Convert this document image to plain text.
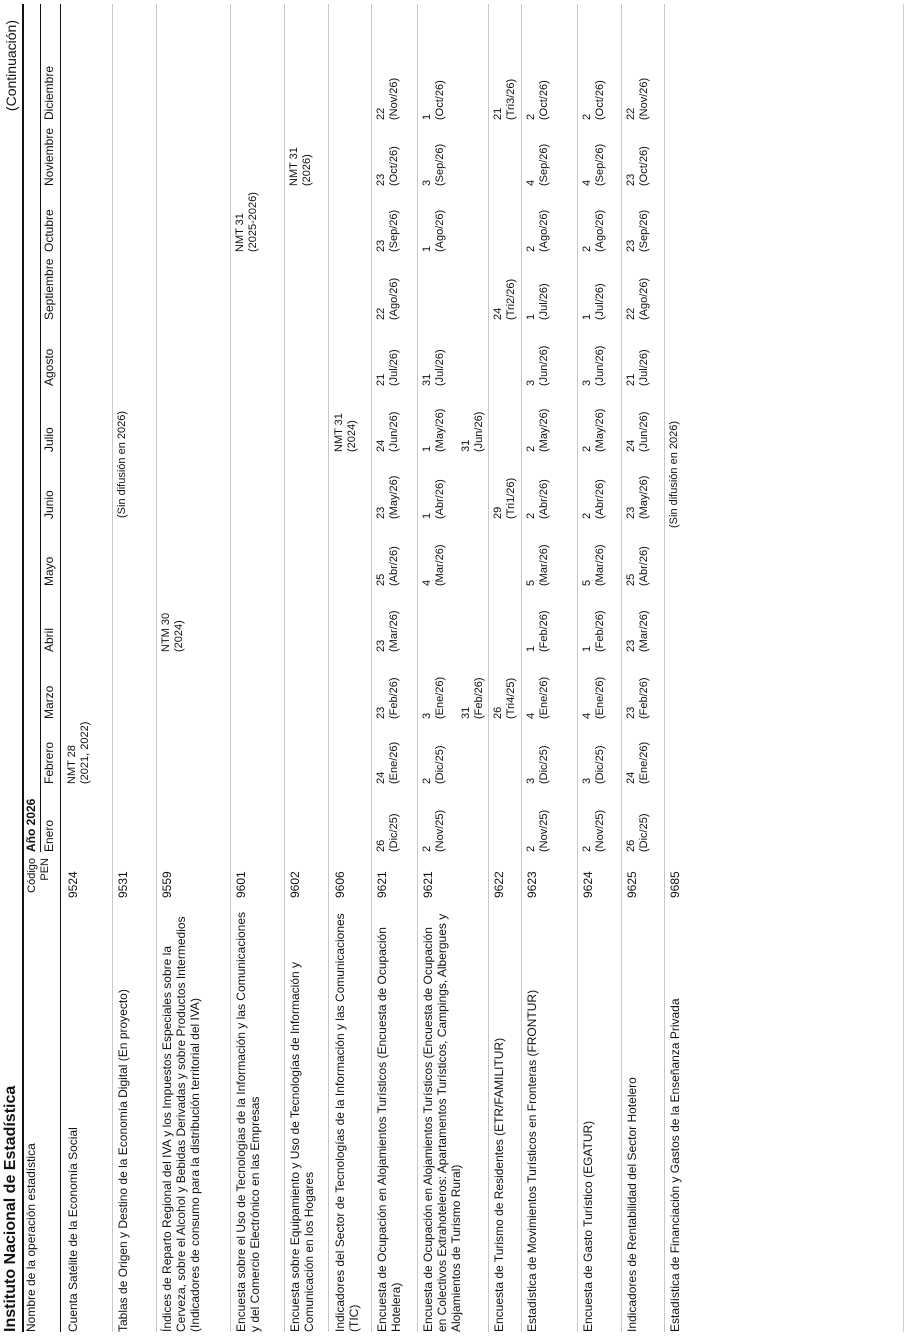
Instituto Nacional de Estadística
(Continuación)
Nombre de la operación estadística
Código PEN
Año 2026 Enero
Febrero
Marzo
Abril
Mayo
Junio
Julio
Agosto
Septiembre
Octubre
Noviembre
Diciembre
Cuenta Satélite de la Economía Social
9524
NMT 28 (2021, 2022)
Tablas de Origen y Destino de la Economía Digital (En proyecto)
9531
(Sin difusión en 2026)
Índices de Reparto Regional del IVA y los Impuestos Especiales sobre la Cerveza, sobre el Alcohol y Bebidas Derivadas y sobre Productos Intermedios (Indicadores de consumo para la distribución territorial del IVA)
9559
NTM 30 (2024)
Encuesta sobre el Uso de Tecnologías de la Información y las Comunicaciones y del Comercio Electrónico en las Empresas
9601
NMT 31 (2025-2026)
Encuesta sobre Equipamiento y Uso de Tecnologías de Información y Comunicación en los Hogares
9602
NMT 31 (2026)
Indicadores del Sector de Tecnologías de la Información y las Comunicaciones (TIC)
9606
NMT 31 (2024)
Encuesta de Ocupación en Alojamientos Turísticos (Encuesta de Ocupación Hotelera)
9621
26 (Dic/25)
24 (Ene/26)
23 (Feb/26)
23 (Mar/26)
25 (Abr/26)
23 (May/26)
24 (Jun/26)
21 (Jul/26)
22 (Ago/26)
23 (Sep/26)
23 (Oct/26)
22 (Nov/26)
Encuesta de Ocupación en Alojamientos Turísticos (Encuesta de Ocupación en Colectivos Extrahoteleros: Apartamentos Turísticos, Campings, Albergues y Alojamientos de Turismo Rural)
9621
2 (Nov/25)
2 (Dic/25)
3 (Ene/26)
31 (Feb/26)
4 (Mar/26)
1 (Abr/26)
1 (May/26)
31 (Jun/26)
31 (Jul/26)
1 (Ago/26)
3 (Sep/26)
1 (Oct/26)
Encuesta de Turismo de Residentes (ETR/FAMILITUR)
9622
26 (Tri4/25)
29 (Tri1/26)
24 (Tri2/26)
21 (Tri3/26)
Estadística de Movimientos Turísticos en Fronteras (FRONTUR)
9623
2 (Nov/25)
3 (Dic/25)
4 (Ene/26)
1 (Feb/26)
5 (Mar/26)
2 (Abr/26)
2 (May/26)
3 (Jun/26)
1 (Jul/26)
2 (Ago/26)
4 (Sep/26)
2 (Oct/26)
Encuesta de Gasto Turístico (EGATUR)
9624
2 (Nov/25)
3 (Dic/25)
4 (Ene/26)
1 (Feb/26)
5 (Mar/26)
2 (Abr/26)
2 (May/26)
3 (Jun/26)
1 (Jul/26)
2 (Ago/26)
4 (Sep/26)
2 (Oct/26)
Indicadores de Rentabilidad del Sector Hotelero
9625
26 (Dic/25)
24 (Ene/26)
23 (Feb/26)
23 (Mar/26)
25 (Abr/26)
23 (May/26)
24 (Jun/26)
21 (Jul/26)
22 (Ago/26)
23 (Sep/26)
23 (Oct/26)
22 (Nov/26)
Estadística de Financiación y Gastos de la Enseñanza Privada
9685
(Sin difusión en 2026)
